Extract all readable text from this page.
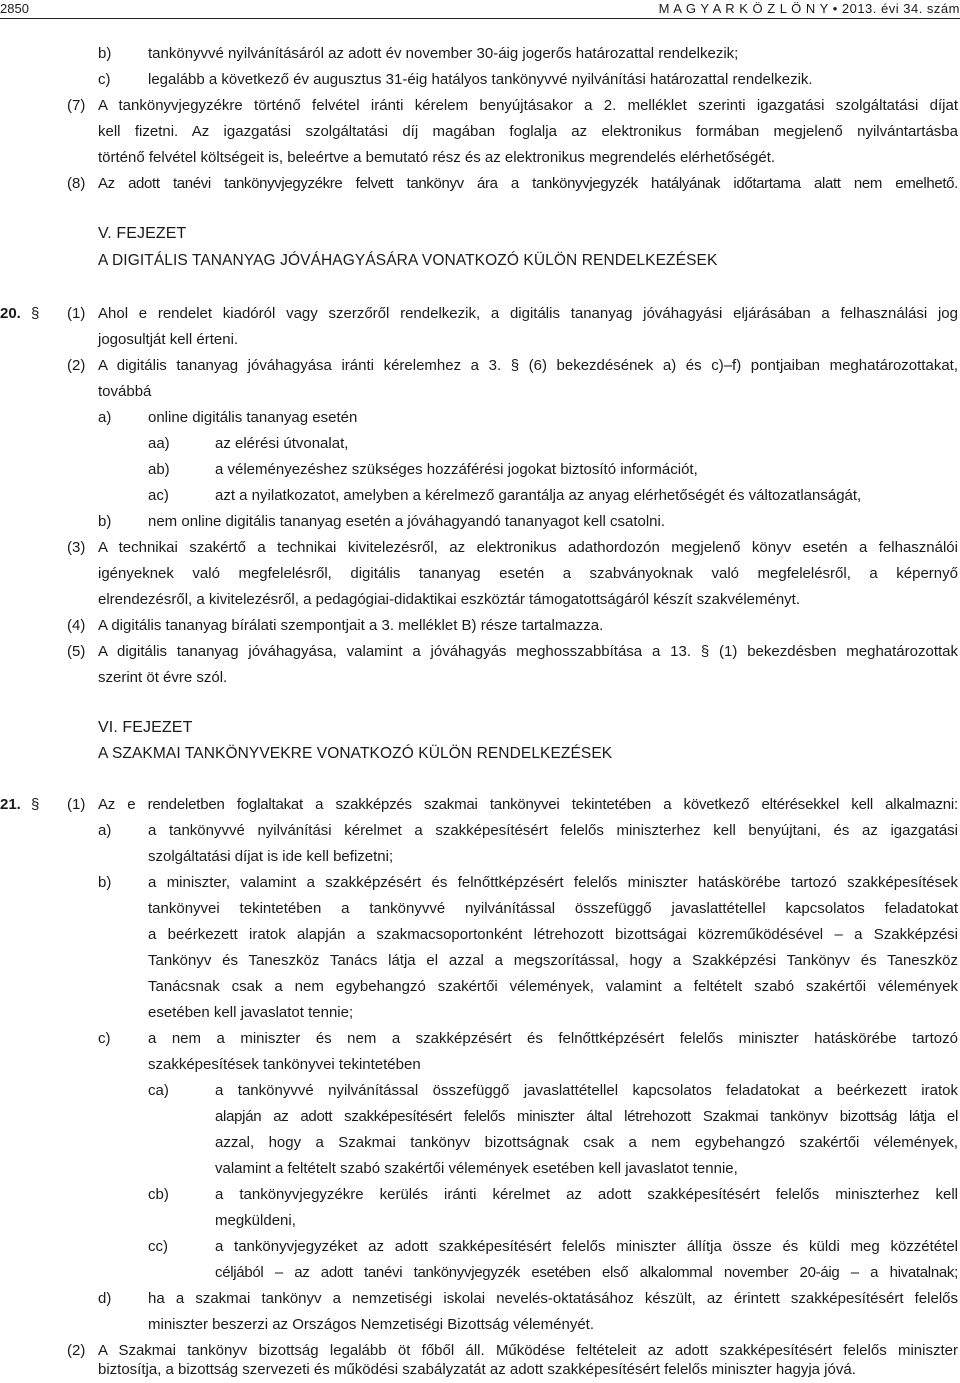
2850	M A G Y A R K Ö Z L Ö N Y • 2013. évi 34. szám
b) tankönyvvé nyilvánításáról az adott év november 30-áig jogerős határozattal rendelkezik;
c)	legalább a következő év augusztus 31-éig hatályos tankönyvvé nyilvánítási határozattal rendelkezik.
(7) A tankönyvjegyzékre történő felvétel iránti kérelem benyújtásakor a 2. melléklet szerinti igazgatási szolgáltatási díjat
kell fizetni. Az igazgatási szolgáltatási díj magában foglalja az elektronikus formában megjelenő nyilvántartásba
történő felvétel költségeit is, beleértve a bemutató rész és az elektronikus megrendelés elérhetőségét.
(8) Az adott tanévi tankönyvjegyzékre felvett tankönyv ára a tankönyvjegyzék hatályának időtartama alatt nem emelhető.
V. FEJEZET
A DIGITÁLIS TANANYAG JÓVÁHAGYÁSÁRA VONATKOZÓ KÜLÖN RENDELKEZÉSEK
20. § (1) Ahol e rendelet kiadóról vagy szerzőről rendelkezik, a digitális tananyag jóváhagyási eljárásában a felhasználási jog
jogosultját kell érteni.
(2) A digitális tananyag jóváhagyása iránti kérelemhez a 3. § (6) bekezdésének a) és c)–f) pontjaiban meghatározottakat,
továbbá
a) online digitális tananyag esetén
aa)	az elérési útvonalat,
ab)	a véleményezéshez szükséges hozzáférési jogokat biztosító információt,
ac)	azt a nyilatkozatot, amelyben a kérelmező garantálja az anyag elérhetőségét és változatlanságát,
b) nem online digitális tananyag esetén a jóváhagyandó tananyagot kell csatolni.
(3) A technikai szakértő a technikai kivitelezésről, az elektronikus adathordozón megjelenő könyv esetén a felhasználói
igényeknek való megfelelésről, digitális tananyag esetén a szabványoknak való megfelelésről, a képernyő
elrendezésről, a kivitelezésről, a pedagógiai-didaktikai eszköztár támogatottságáról készít szakvéleményt.
(4) A digitális tananyag bírálati szempontjait a 3. melléklet B) része tartalmazza.
(5) A digitális tananyag jóváhagyása, valamint a jóváhagyás meghosszabbítása a 13. § (1) bekezdésben meghatározottak
szerint öt évre szól.
VI. FEJEZET
A SZAKMAI TANKÖNYVEKRE VONATKOZÓ KÜLÖN RENDELKEZÉSEK
21. § (1) Az e rendeletben foglaltakat a szakképzés szakmai tankönyvei tekintetében a következő eltérésekkel kell alkalmazni:
a) a tankönyvvé nyilvánítási kérelmet a szakképesítésért felelős miniszterhez kell benyújtani, és az igazgatási
szolgáltatási díjat is ide kell befizetni;
b) a miniszter, valamint a szakképzésért és felnőttképzésért felelős miniszter hatáskörébe tartozó szakképesítések
tankönyvei tekintetében a tankönyvvé nyilvánítással összefüggő javaslattétellel kapcsolatos feladatokat
a beérkezett iratok alapján a szakmacsoportonként létrehozott bizottságai közreműködésével – a Szakképzési
Tankönyv és Taneszköz Tanács látja el azzal a megszorítással, hogy a Szakképzési Tankönyv és Taneszköz
Tanácsnak csak a nem egybehangzó szakértői vélemények, valamint a feltételt szabó szakértői vélemények
esetében kell javaslatot tennie;
c)	a nem a miniszter és nem a szakképzésért és felnőttképzésért felelős miniszter hatáskörébe tartozó
szakképesítések tankönyvei tekintetében
ca)	a tankönyvvé nyilvánítással összefüggő javaslattétellel kapcsolatos feladatokat a beérkezett iratok
alapján az adott szakképesítésért felelős miniszter által létrehozott Szakmai tankönyv bizottság látja el
azzal, hogy a Szakmai tankönyv bizottságnak csak a nem egybehangzó szakértői vélemények,
valamint a feltételt szabó szakértői vélemények esetében kell javaslatot tennie,
cb)	a tankönyvjegyzékre kerülés iránti kérelmet az adott szakképesítésért felelős miniszterhez kell
megküldeni,
cc)	a tankönyvjegyzéket az adott szakképesítésért felelős miniszter állítja össze és küldi meg közzététel
céljából – az adott tanévi tankönyvjegyzék esetében első alkalommal november 20-áig – a hivatalnak;
d) ha a szakmai tankönyv a nemzetiségi iskolai nevelés-oktatásához készült, az érintett szakképesítésért felelős
miniszter beszerzi az Országos Nemzetiségi Bizottság véleményét.
(2) A Szakmai tankönyv bizottság legalább öt főből áll. Működése feltételeit az adott szakképesítésért felelős miniszter
biztosítja, a bizottság szervezeti és működési szabályzatát az adott szakképesítésért felelős miniszter hagyja jóvá.
